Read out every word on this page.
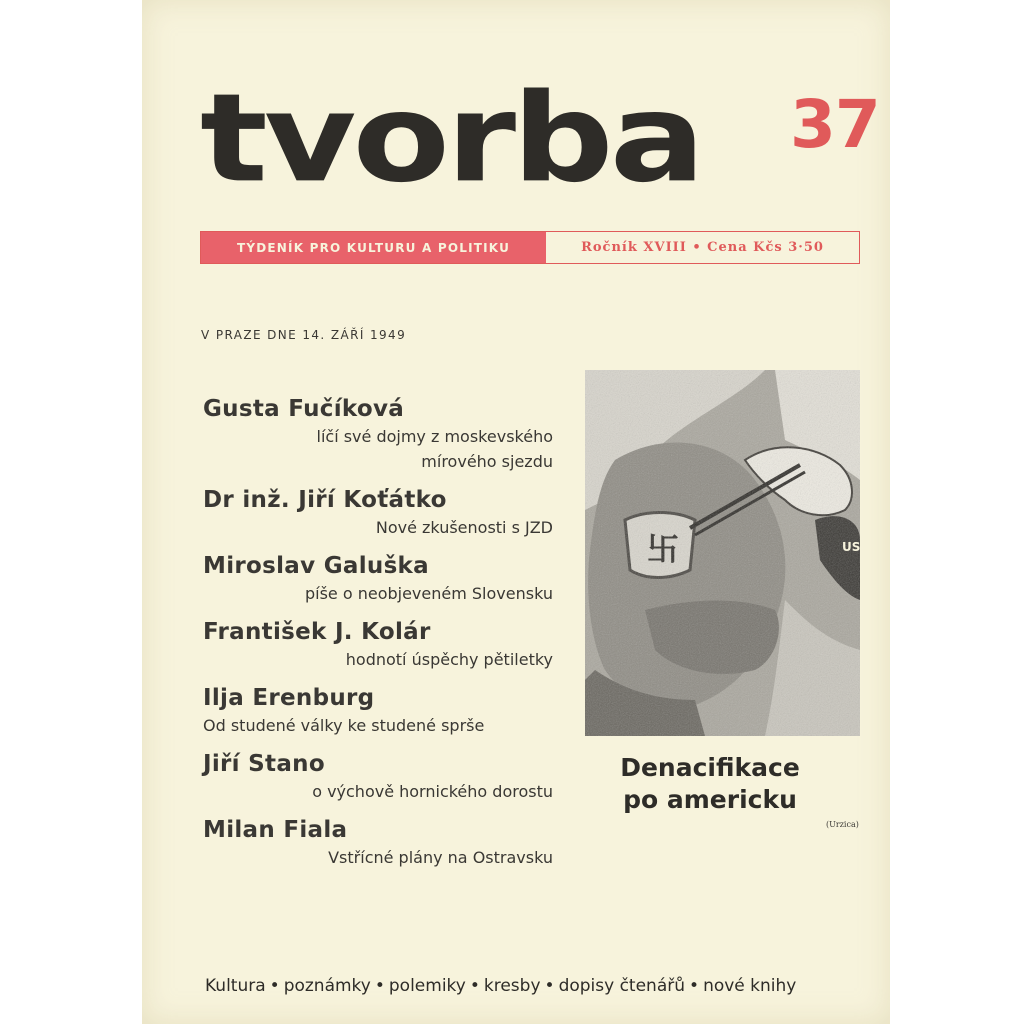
tvorba 37
TÝDENÍK PRO KULTURU A POLITIKU	Ročník XVIII • Cena Kčs 3·50
V PRAZE DNE 14. ZÁŘÍ 1949
Gusta Fučíková
líčí své dojmy z moskevského mírového sjezdu
Dr inž. Jiří Koťátko
Nové zkušenosti s JZD
Miroslav Galuška
píše o neobjeveném Slovensku
František J. Kolár
hodnotí úspěchy pětiletky
Ilja Erenburg
Od studené války ke studené sprše
Jiří Stano
o výchově hornického dorostu
Milan Fiala
Vstřícné plány na Ostravsku
US
Denacifikace
po americku
(Urzica)
Kultura • poznámky • polemiky • kresby • dopisy čtenářů • nové knihy
